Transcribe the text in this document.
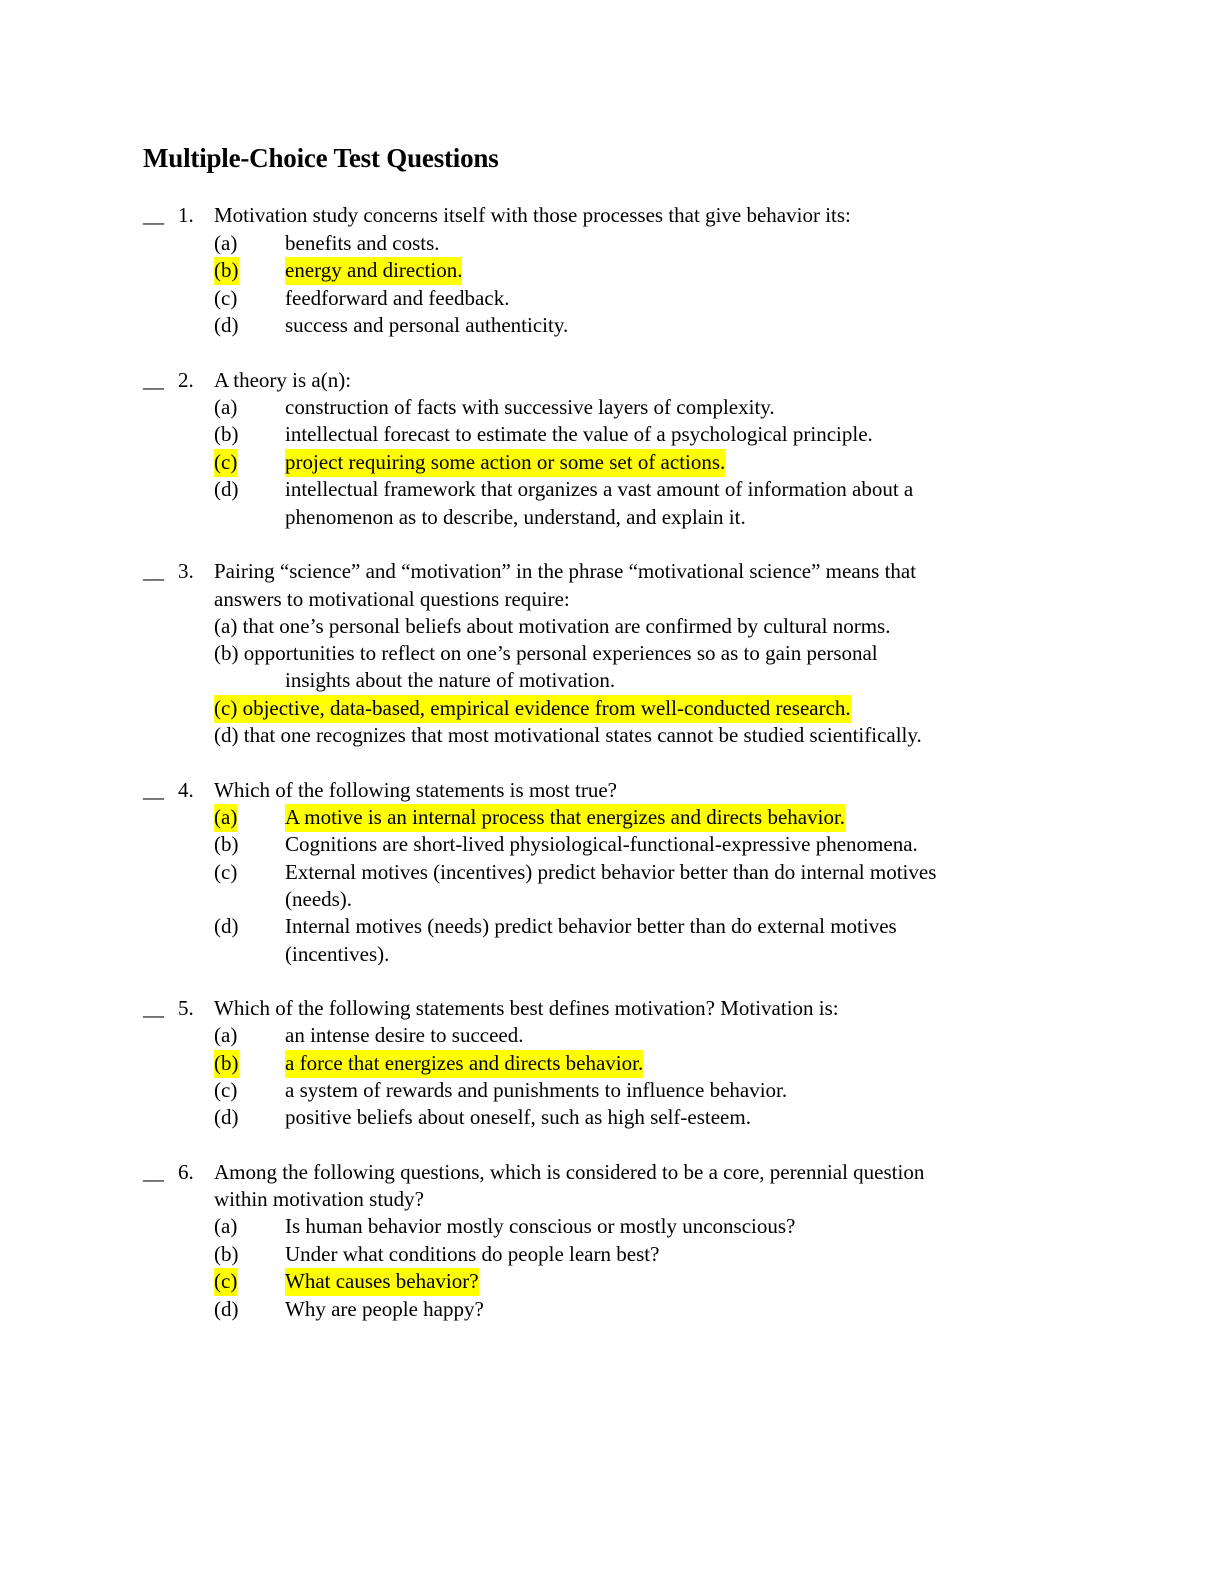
Multiple-Choice Test Questions
__ 1. Motivation study concerns itself with those processes that give behavior its:
(a) benefits and costs.
(b) energy and direction.
(c) feedforward and feedback.
(d) success and personal authenticity.
__ 2. A theory is a(n):
(a) construction of facts with successive layers of complexity.
(b) intellectual forecast to estimate the value of a psychological principle.
(c) project requiring some action or some set of actions.
(d) intellectual framework that organizes a vast amount of information about a
phenomenon as to describe, understand, and explain it.
__ 3. Pairing “science” and “motivation” in the phrase “motivational science” means that
answers to motivational questions require:
(a) that one’s personal beliefs about motivation are confirmed by cultural norms.
(b) opportunities to reflect on one’s personal experiences so as to gain personal
insights about the nature of motivation.
(c) objective, data-based, empirical evidence from well-conducted research.
(d) that one recognizes that most motivational states cannot be studied scientifically.
__ 4. Which of the following statements is most true?
(a) A motive is an internal process that energizes and directs behavior.
(b) Cognitions are short-lived physiological-functional-expressive phenomena.
(c) External motives (incentives) predict behavior better than do internal motives
(needs).
(d) Internal motives (needs) predict behavior better than do external motives
(incentives).
__ 5. Which of the following statements best defines motivation? Motivation is:
(a) an intense desire to succeed.
(b) a force that energizes and directs behavior.
(c) a system of rewards and punishments to influence behavior.
(d) positive beliefs about oneself, such as high self-esteem.
__ 6. Among the following questions, which is considered to be a core, perennial question
within motivation study?
(a) Is human behavior mostly conscious or mostly unconscious?
(b) Under what conditions do people learn best?
(c) What causes behavior?
(d) Why are people happy?
